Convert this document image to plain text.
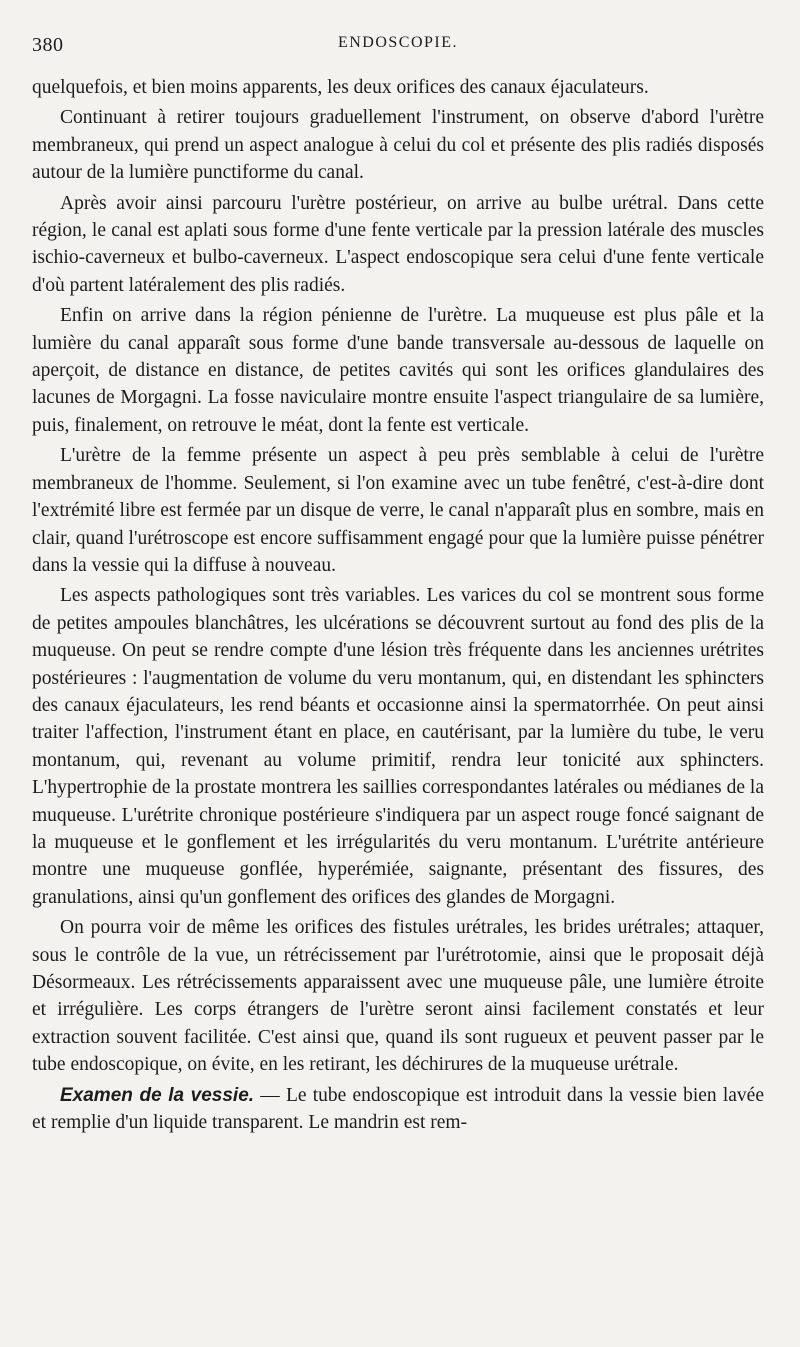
380	ENDOSCOPIE.

quelquefois, et bien moins apparents, les deux orifices des canaux éjaculateurs.

Continuant à retirer toujours graduellement l'instrument, on observe d'abord l'urètre membraneux, qui prend un aspect analogue à celui du col et présente des plis radiés disposés autour de la lumière punctiforme du canal.

Après avoir ainsi parcouru l'urètre postérieur, on arrive au bulbe urétral. Dans cette région, le canal est aplati sous forme d'une fente verticale par la pression latérale des muscles ischio-caverneux et bulbo-caverneux. L'aspect endoscopique sera celui d'une fente verticale d'où partent latéralement des plis radiés.

Enfin on arrive dans la région pénienne de l'urètre. La muqueuse est plus pâle et la lumière du canal apparaît sous forme d'une bande transversale au-dessous de laquelle on aperçoit, de distance en distance, de petites cavités qui sont les orifices glandulaires des lacunes de Morgagni. La fosse naviculaire montre ensuite l'aspect triangulaire de sa lumière, puis, finalement, on retrouve le méat, dont la fente est verticale.

L'urètre de la femme présente un aspect à peu près semblable à celui de l'urètre membraneux de l'homme. Seulement, si l'on examine avec un tube fenêtré, c'est-à-dire dont l'extrémité libre est fermée par un disque de verre, le canal n'apparaît plus en sombre, mais en clair, quand l'urétroscope est encore suffisamment engagé pour que la lumière puisse pénétrer dans la vessie qui la diffuse à nouveau.

Les aspects pathologiques sont très variables. Les varices du col se montrent sous forme de petites ampoules blanchâtres, les ulcérations se découvrent surtout au fond des plis de la muqueuse. On peut se rendre compte d'une lésion très fréquente dans les anciennes urétrites postérieures : l'augmentation de volume du veru montanum, qui, en distendant les sphincters des canaux éjaculateurs, les rend béants et occasionne ainsi la spermatorrhée. On peut ainsi traiter l'affection, l'instrument étant en place, en cautérisant, par la lumière du tube, le veru montanum, qui, revenant au volume primitif, rendra leur tonicité aux sphincters. L'hypertrophie de la prostate montrera les saillies correspondantes latérales ou médianes de la muqueuse. L'urétrite chronique postérieure s'indiquera par un aspect rouge foncé saignant de la muqueuse et le gonflement et les irrégularités du veru montanum. L'urétrite antérieure montre une muqueuse gonflée, hyperémiée, saignante, présentant des fissures, des granulations, ainsi qu'un gonflement des orifices des glandes de Morgagni.

On pourra voir de même les orifices des fistules urétrales, les brides urétrales; attaquer, sous le contrôle de la vue, un rétrécissement par l'urétrotomie, ainsi que le proposait déjà Désormeaux. Les rétrécissements apparaissent avec une muqueuse pâle, une lumière étroite et irrégulière. Les corps étrangers de l'urètre seront ainsi facilement constatés et leur extraction souvent facilitée. C'est ainsi que, quand ils sont rugueux et peuvent passer par le tube endoscopique, on évite, en les retirant, les déchirures de la muqueuse urétrale.

Examen de la vessie. — Le tube endoscopique est introduit dans la vessie bien lavée et remplie d'un liquide transparent. Le mandrin est rem-
